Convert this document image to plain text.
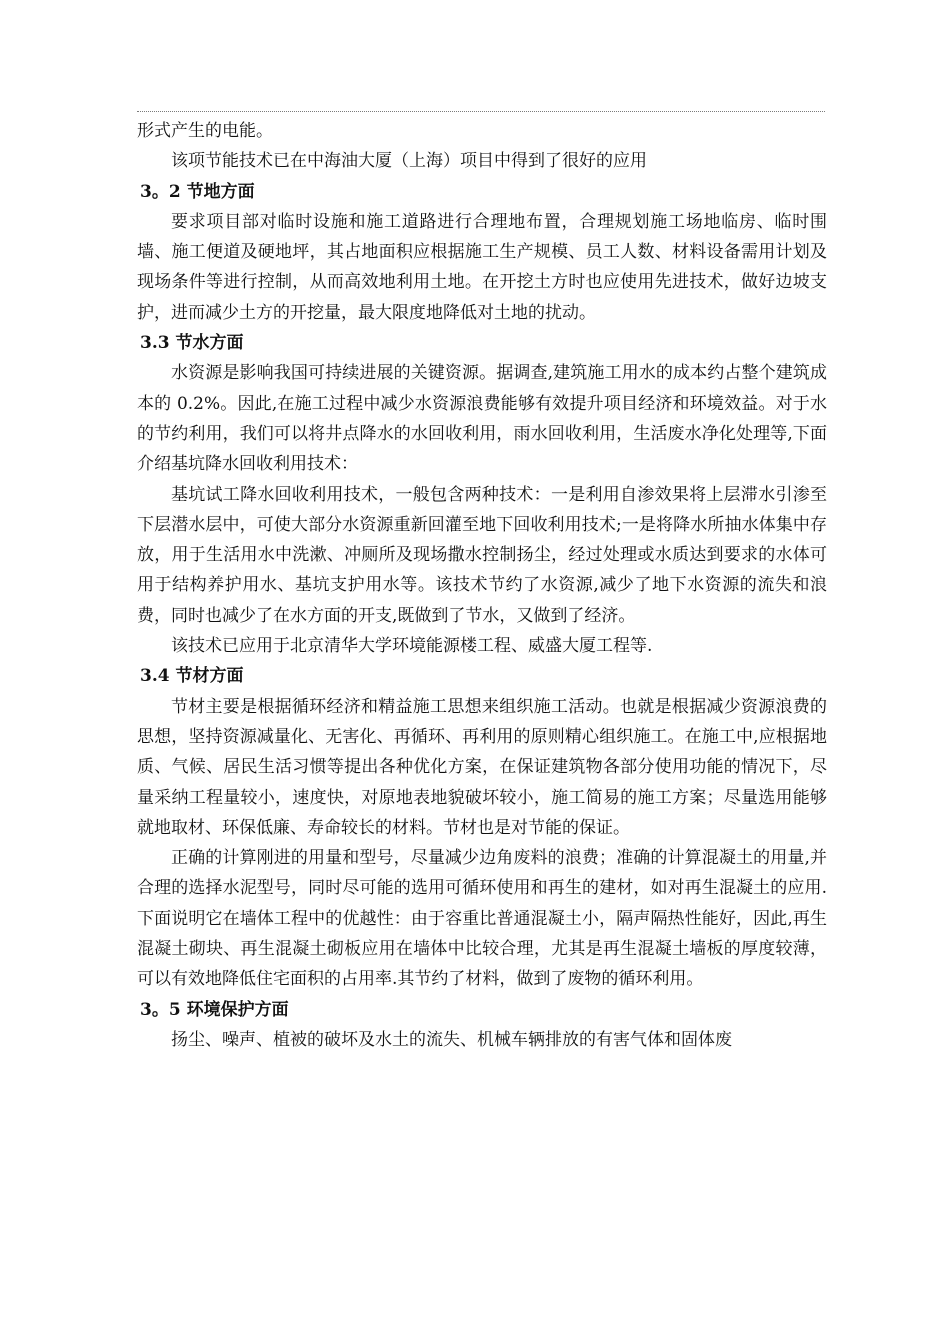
形式产生的电能。

该项节能技术已在中海油大厦（上海）项目中得到了很好的应用

3。2 节地方面

要求项目部对临时设施和施工道路进行合理地布置，合理规划施工场地临房、临时围墙、施工便道及硬地坪，其占地面积应根据施工生产规模、员工人数、材料设备需用计划及现场条件等进行控制，从而高效地利用土地。在开挖土方时也应使用先进技术，做好边坡支护，进而减少土方的开挖量，最大限度地降低对土地的扰动。

3.3 节水方面

水资源是影响我国可持续进展的关键资源。据调查,建筑施工用水的成本约占整个建筑成本的 0.2%。因此,在施工过程中减少水资源浪费能够有效提升项目经济和环境效益。对于水的节约利用，我们可以将井点降水的水回收利用，雨水回收利用，生活废水净化处理等,下面介绍基坑降水回收利用技术：

基坑试工降水回收利用技术，一般包含两种技术：一是利用自渗效果将上层滞水引渗至下层潜水层中，可使大部分水资源重新回灌至地下回收利用技术;一是将降水所抽水体集中存放，用于生活用水中洗漱、冲厕所及现场撒水控制扬尘，经过处理或水质达到要求的水体可用于结构养护用水、基坑支护用水等。该技术节约了水资源,减少了地下水资源的流失和浪费，同时也减少了在水方面的开支,既做到了节水，又做到了经济。

该技术已应用于北京清华大学环境能源楼工程、威盛大厦工程等.

3.4 节材方面

节材主要是根据循环经济和精益施工思想来组织施工活动。也就是根据减少资源浪费的思想，坚持资源减量化、无害化、再循环、再利用的原则精心组织施工。在施工中,应根据地质、气候、居民生活习惯等提出各种优化方案，在保证建筑物各部分使用功能的情况下，尽量采纳工程量较小，速度快，对原地表地貌破坏较小，施工简易的施工方案；尽量选用能够就地取材、环保低廉、寿命较长的材料。节材也是对节能的保证。

正确的计算刚进的用量和型号，尽量减少边角废料的浪费；准确的计算混凝土的用量,并合理的选择水泥型号，同时尽可能的选用可循环使用和再生的建材，如对再生混凝土的应用.下面说明它在墙体工程中的优越性：由于容重比普通混凝土小，隔声隔热性能好，因此,再生混凝土砌块、再生混凝土砌板应用在墙体中比较合理，尤其是再生混凝土墙板的厚度较薄，可以有效地降低住宅面积的占用率.其节约了材料，做到了废物的循环利用。

3。5 环境保护方面

扬尘、噪声、植被的破坏及水土的流失、机械车辆排放的有害气体和固体废
